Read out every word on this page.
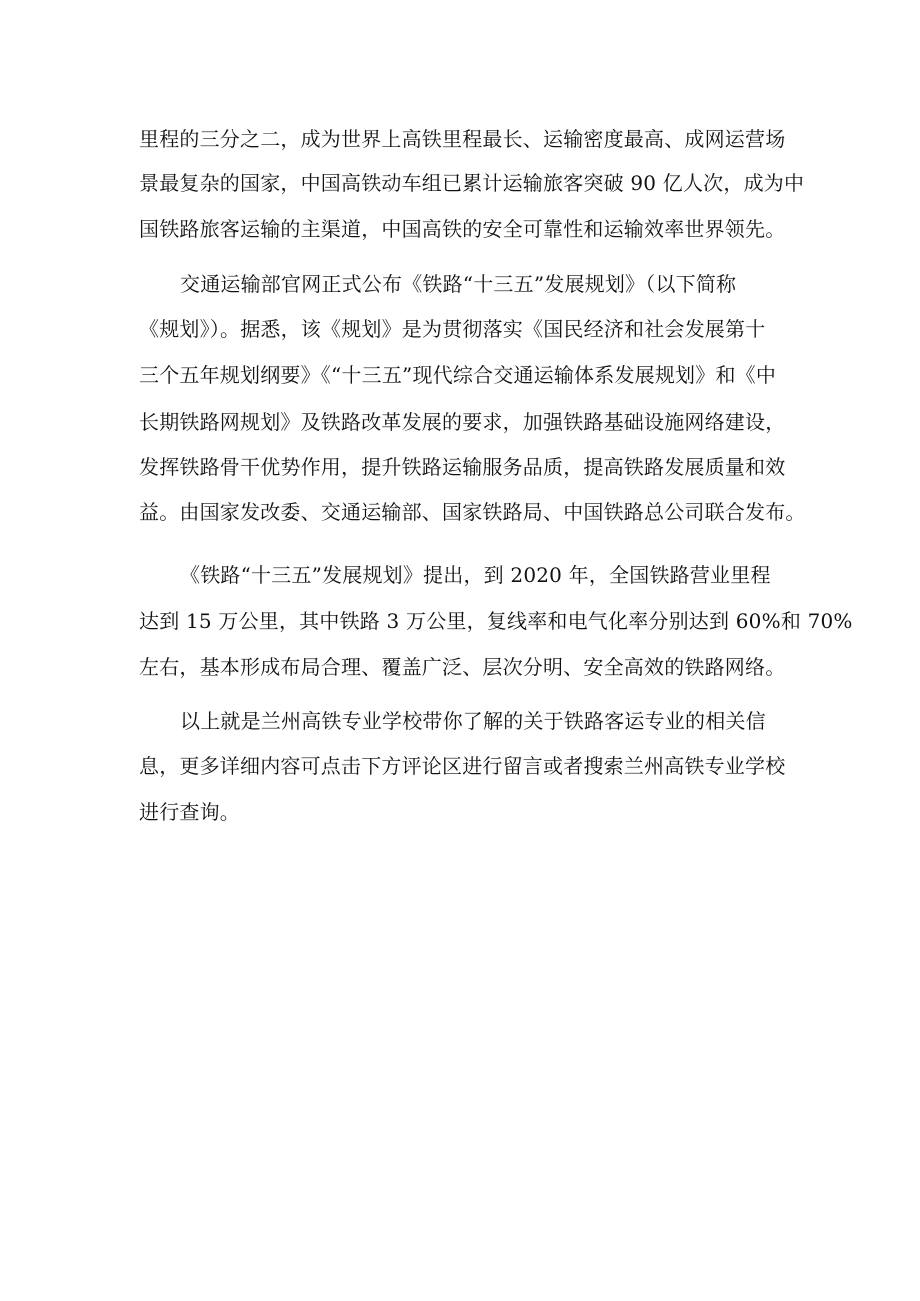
里程的三分之二，成为世界上高铁里程最长、运输密度最高、成网运营场
景最复杂的国家，中国高铁动车组已累计运输旅客突破 90 亿人次，成为中
国铁路旅客运输的主渠道，中国高铁的安全可靠性和运输效率世界领先。
交通运输部官网正式公布《铁路“十三五”发展规划》（以下简称
《规划》）。据悉，该《规划》是为贯彻落实《国民经济和社会发展第十
三个五年规划纲要》《“十三五”现代综合交通运输体系发展规划》和《中
长期铁路网规划》及铁路改革发展的要求，加强铁路基础设施网络建设，
发挥铁路骨干优势作用，提升铁路运输服务品质，提高铁路发展质量和效
益。由国家发改委、交通运输部、国家铁路局、中国铁路总公司联合发布。
《铁路“十三五”发展规划》提出，到 2020 年，全国铁路营业里程
达到 15 万公里，其中铁路 3 万公里，复线率和电气化率分别达到 60%和 70%
左右，基本形成布局合理、覆盖广泛、层次分明、安全高效的铁路网络。
以上就是兰州高铁专业学校带你了解的关于铁路客运专业的相关信
息，更多详细内容可点击下方评论区进行留言或者搜索兰州高铁专业学校
进行查询。
